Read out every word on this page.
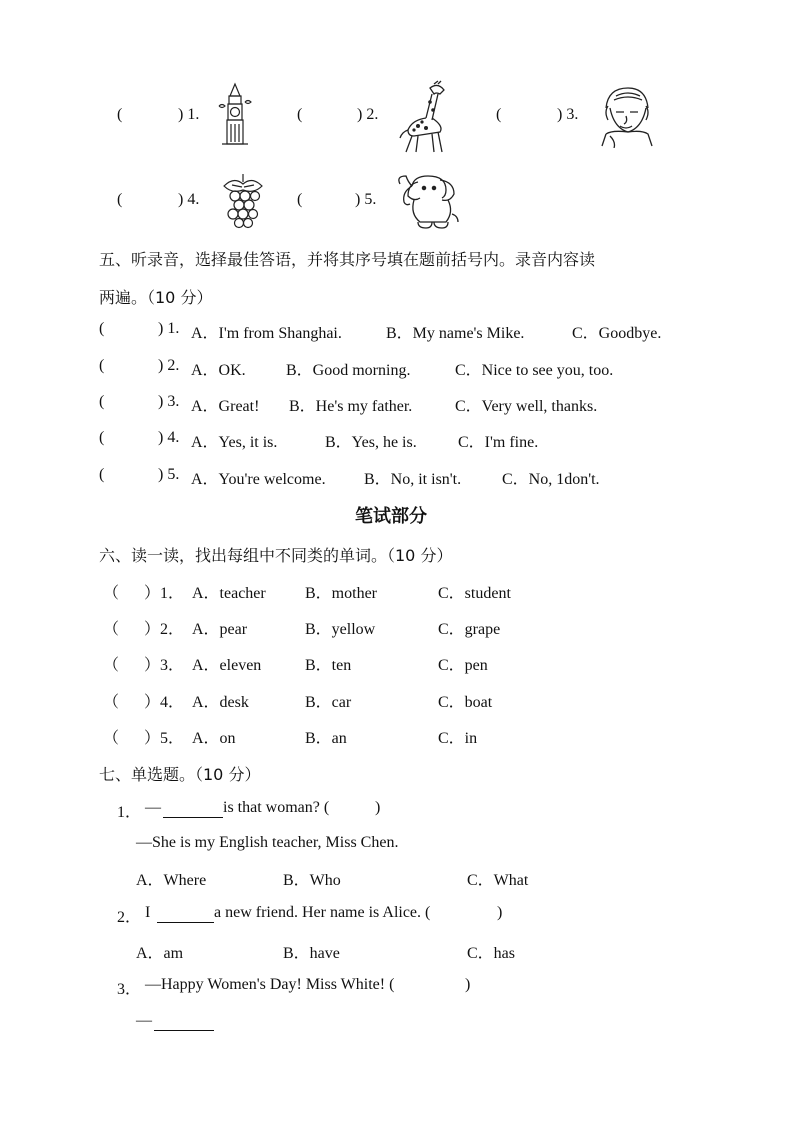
(	) 1.	(	) 2.	(	) 3.
(	) 4.	(	) 5.
五、听录音，选择最佳答语，并将其序号填在题前括号内。录音内容读
两遍。（10 分）
(	) 1. A．I'm from Shanghai.	B．My name's Mike.	C．Goodbye.
(	) 2. A．OK.	B．Good morning.	C．Nice to see you, too.
(	) 3. A．Great! B．He's my father.	C．Very well, thanks.
(	) 4. A．Yes, it is.	B．Yes, he is.	C．I'm fine.
(	) 5. A．You're welcome. B．No, it isn't.	C．No, 1don't.
笔试部分
六、读一读，找出每组中不同类的单词。（10 分）
（ ）1． A．teacher B．mother	C．student
（ ）2． A．pear	B．yellow	C．grape
（ ）3． A．eleven	B．ten	C．pen
（ ）4． A．desk	B．car	C．boat
（ ）5． A．on	B．an	C．in
七、单选题。（10 分）
1． —	is that woman? (	)
—She is my English teacher, Miss Chen.
A．Where	B．Who	C．What
2． I	a new friend. Her name is Alice. (	)
A．am	B．have	C．has
3． —Happy Women's Day! Miss White! (	)
—
